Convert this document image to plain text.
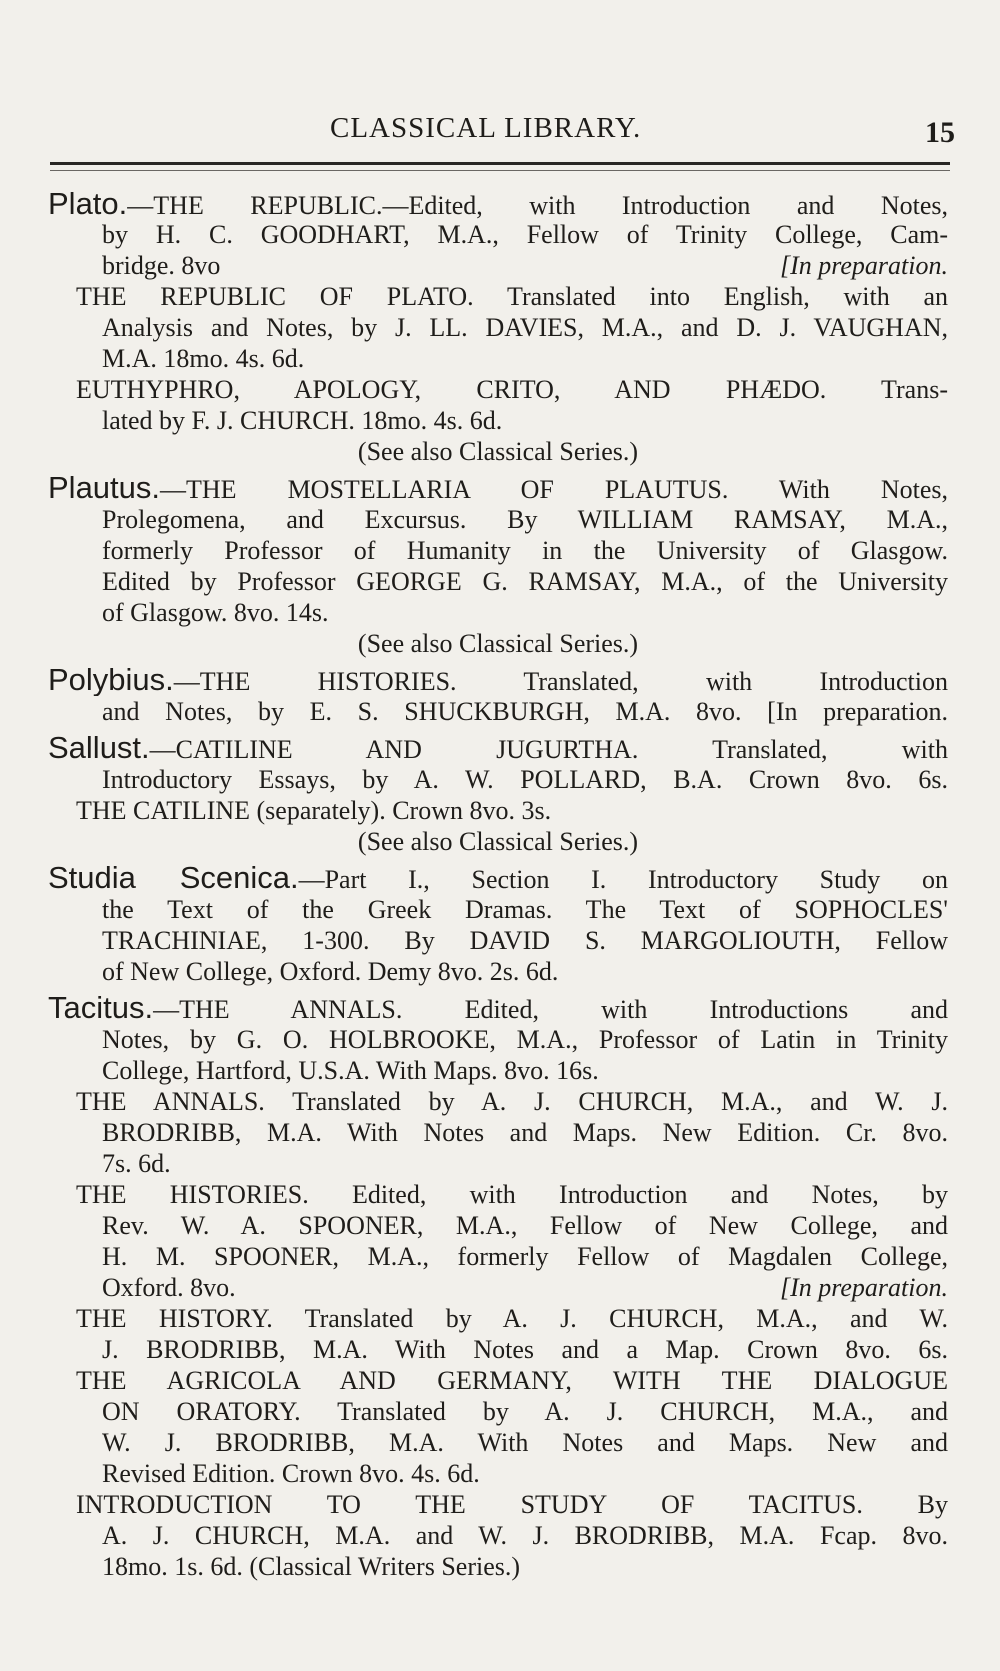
CLASSICAL LIBRARY.	15
Plato.—THE REPUBLIC.—Edited, with Introduction and Notes,
by H. C. GOODHART, M.A., Fellow of Trinity College, Cam-
bridge. 8vo	[In preparation.
THE REPUBLIC OF PLATO. Translated into English, with an
Analysis and Notes, by J. LL. DAVIES, M.A., and D. J. VAUGHAN,
M.A. 18mo. 4s. 6d.
EUTHYPHRO, APOLOGY, CRITO, AND PHÆDO. Trans-
lated by F. J. CHURCH. 18mo. 4s. 6d.
(See also Classical Series.)
Plautus.—THE MOSTELLARIA OF PLAUTUS. With Notes,
Prolegomena, and Excursus. By WILLIAM RAMSAY, M.A.,
formerly Professor of Humanity in the University of Glasgow.
Edited by Professor GEORGE G. RAMSAY, M.A., of the University
of Glasgow. 8vo. 14s.
(See also Classical Series.)
Polybius.—THE HISTORIES. Translated, with Introduction
and Notes, by E. S. SHUCKBURGH, M.A. 8vo. [In preparation.
Sallust.—CATILINE AND JUGURTHA. Translated, with
Introductory Essays, by A. W. POLLARD, B.A. Crown 8vo. 6s.
THE CATILINE (separately). Crown 8vo. 3s.
(See also Classical Series.)
Studia Scenica.—Part I., Section I. Introductory Study on
the Text of the Greek Dramas. The Text of SOPHOCLES'
TRACHINIAE, 1-300. By DAVID S. MARGOLIOUTH, Fellow
of New College, Oxford. Demy 8vo. 2s. 6d.
Tacitus.—THE ANNALS. Edited, with Introductions and
Notes, by G. O. HOLBROOKE, M.A., Professor of Latin in Trinity
College, Hartford, U.S.A. With Maps. 8vo. 16s.
THE ANNALS. Translated by A. J. CHURCH, M.A., and W. J.
BRODRIBB, M.A. With Notes and Maps. New Edition. Cr. 8vo.
7s. 6d.
THE HISTORIES. Edited, with Introduction and Notes, by
Rev. W. A. SPOONER, M.A., Fellow of New College, and
H. M. SPOONER, M.A., formerly Fellow of Magdalen College,
Oxford. 8vo.	[In preparation.
THE HISTORY. Translated by A. J. CHURCH, M.A., and W.
J. BRODRIBB, M.A. With Notes and a Map. Crown 8vo. 6s.
THE AGRICOLA AND GERMANY, WITH THE DIALOGUE
ON ORATORY. Translated by A. J. CHURCH, M.A., and
W. J. BRODRIBB, M.A. With Notes and Maps. New and
Revised Edition. Crown 8vo. 4s. 6d.
INTRODUCTION TO THE STUDY OF TACITUS. By
A. J. CHURCH, M.A. and W. J. BRODRIBB, M.A. Fcap. 8vo.
18mo. 1s. 6d. (Classical Writers Series.)
